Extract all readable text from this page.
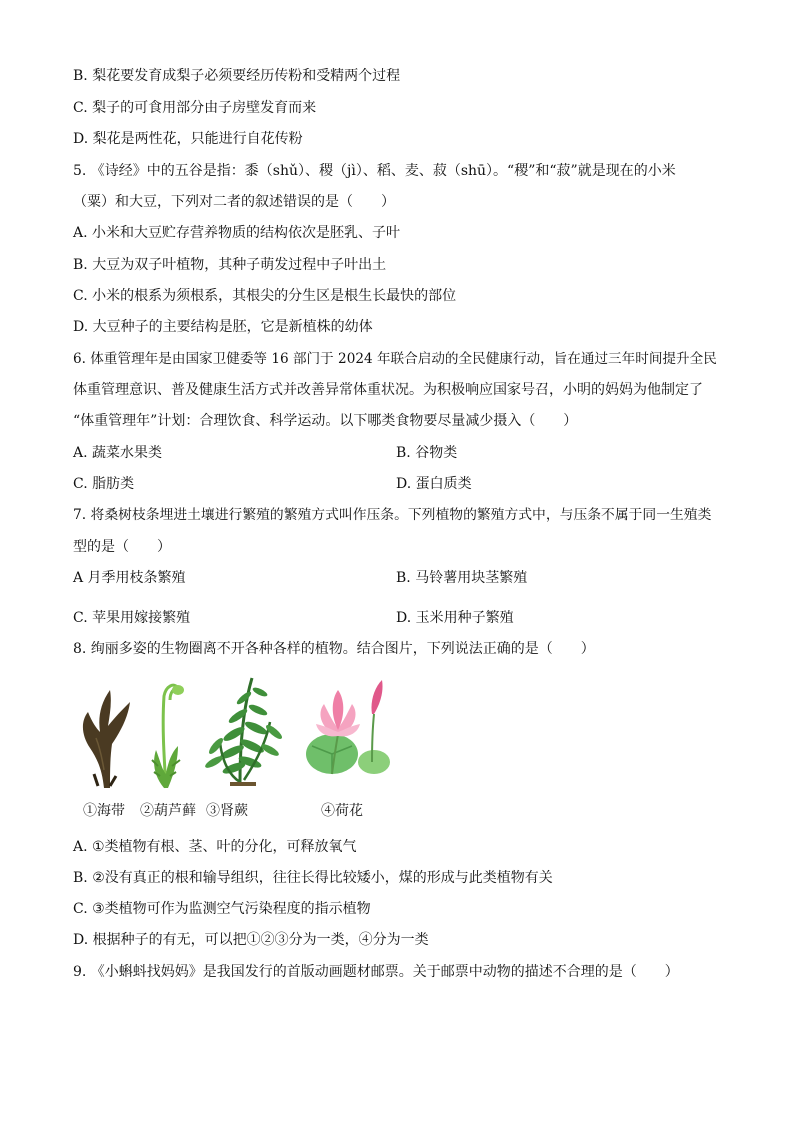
B. 梨花要发育成梨子必须要经历传粉和受精两个过程
C. 梨子的可食用部分由子房壁发育而来
D. 梨花是两性花，只能进行自花传粉
5. 《诗经》中的五谷是指：黍（shǔ）、稷（jì）、稻、麦、菽（shū）。“稷”和“菽”就是现在的小米
（粟）和大豆，下列对二者的叙述错误的是（　　）
A. 小米和大豆贮存营养物质的结构依次是胚乳、子叶
B. 大豆为双子叶植物，其种子萌发过程中子叶出土
C. 小米的根系为须根系，其根尖的分生区是根生长最快的部位
D. 大豆种子的主要结构是胚，它是新植株的幼体
6. 体重管理年是由国家卫健委等 16 部门于 2024 年联合启动的全民健康行动，旨在通过三年时间提升全民
体重管理意识、普及健康生活方式并改善异常体重状况。为积极响应国家号召，小明的妈妈为他制定了
“体重管理年”计划：合理饮食、科学运动。以下哪类食物要尽量减少摄入（　　）
A. 蔬菜水果类	B. 谷物类
C. 脂肪类	D. 蛋白质类
7. 将桑树枝条埋进土壤进行繁殖的繁殖方式叫作压条。下列植物的繁殖方式中，与压条不属于同一生殖类
型的是（　　）
A 月季用枝条繁殖	B. 马铃薯用块茎繁殖
C. 苹果用嫁接繁殖	D. 玉米用种子繁殖
8. 绚丽多姿的生物圈离不开各种各样的植物。结合图片，下列说法正确的是（　　）
①海带 ②葫芦藓 ③肾蕨	④荷花
A. ①类植物有根、茎、叶的分化，可释放氧气
B. ②没有真正的根和输导组织，往往长得比较矮小，煤的形成与此类植物有关
C. ③类植物可作为监测空气污染程度的指示植物
D. 根据种子的有无，可以把①②③分为一类，④分为一类
9. 《小蝌蚪找妈妈》是我国发行的首版动画题材邮票。关于邮票中动物的描述不合理的是（　　）
